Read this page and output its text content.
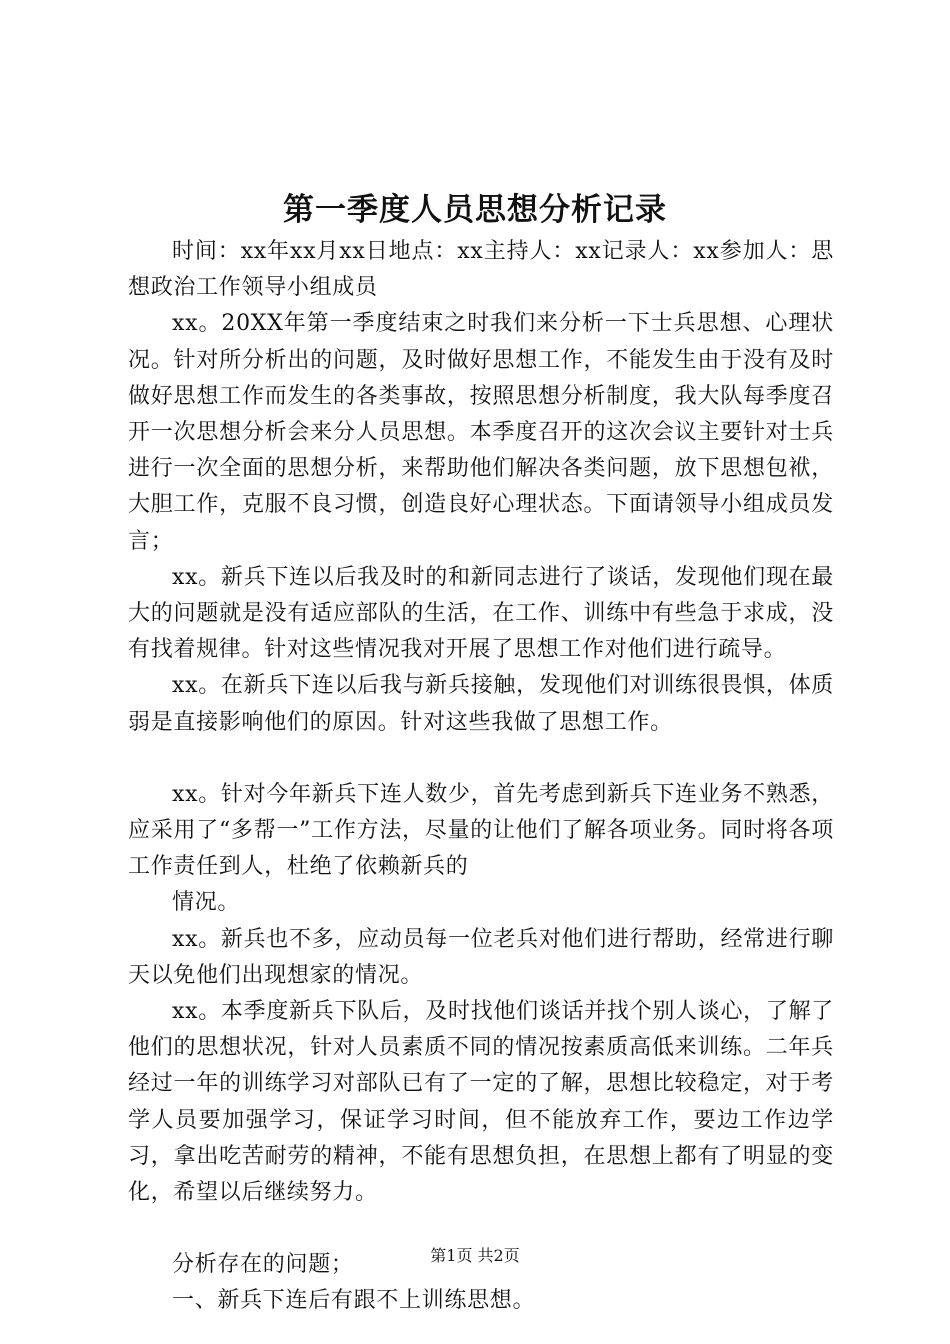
第一季度人员思想分析记录

时间：xx年xx月xx日地点：xx主持人：xx记录人：xx参加人：思想政治工作领导小组成员

xx。20XX年第一季度结束之时我们来分析一下士兵思想、心理状况。针对所分析出的问题，及时做好思想工作，不能发生由于没有及时做好思想工作而发生的各类事故，按照思想分析制度，我大队每季度召开一次思想分析会来分人员思想。本季度召开的这次会议主要针对士兵进行一次全面的思想分析，来帮助他们解决各类问题，放下思想包袱，大胆工作，克服不良习惯，创造良好心理状态。下面请领导小组成员发言；

xx。新兵下连以后我及时的和新同志进行了谈话，发现他们现在最大的问题就是没有适应部队的生活，在工作、训练中有些急于求成，没有找着规律。针对这些情况我对开展了思想工作对他们进行疏导。

xx。在新兵下连以后我与新兵接触，发现他们对训练很畏惧，体质弱是直接影响他们的原因。针对这些我做了思想工作。

xx。针对今年新兵下连人数少，首先考虑到新兵下连业务不熟悉，应采用了“多帮一”工作方法，尽量的让他们了解各项业务。同时将各项工作责任到人，杜绝了依赖新兵的

情况。

xx。新兵也不多，应动员每一位老兵对他们进行帮助，经常进行聊天以免他们出现想家的情况。

xx。本季度新兵下队后，及时找他们谈话并找个别人谈心，了解了他们的思想状况，针对人员素质不同的情况按素质高低来训练。二年兵经过一年的训练学习对部队已有了一定的了解，思想比较稳定，对于考学人员要加强学习，保证学习时间，但不能放弃工作，要边工作边学习，拿出吃苦耐劳的精神，不能有思想负担，在思想上都有了明显的变化，希望以后继续努力。

分析存在的问题；

一、新兵下连后有跟不上训练思想。

第1页 共2页
